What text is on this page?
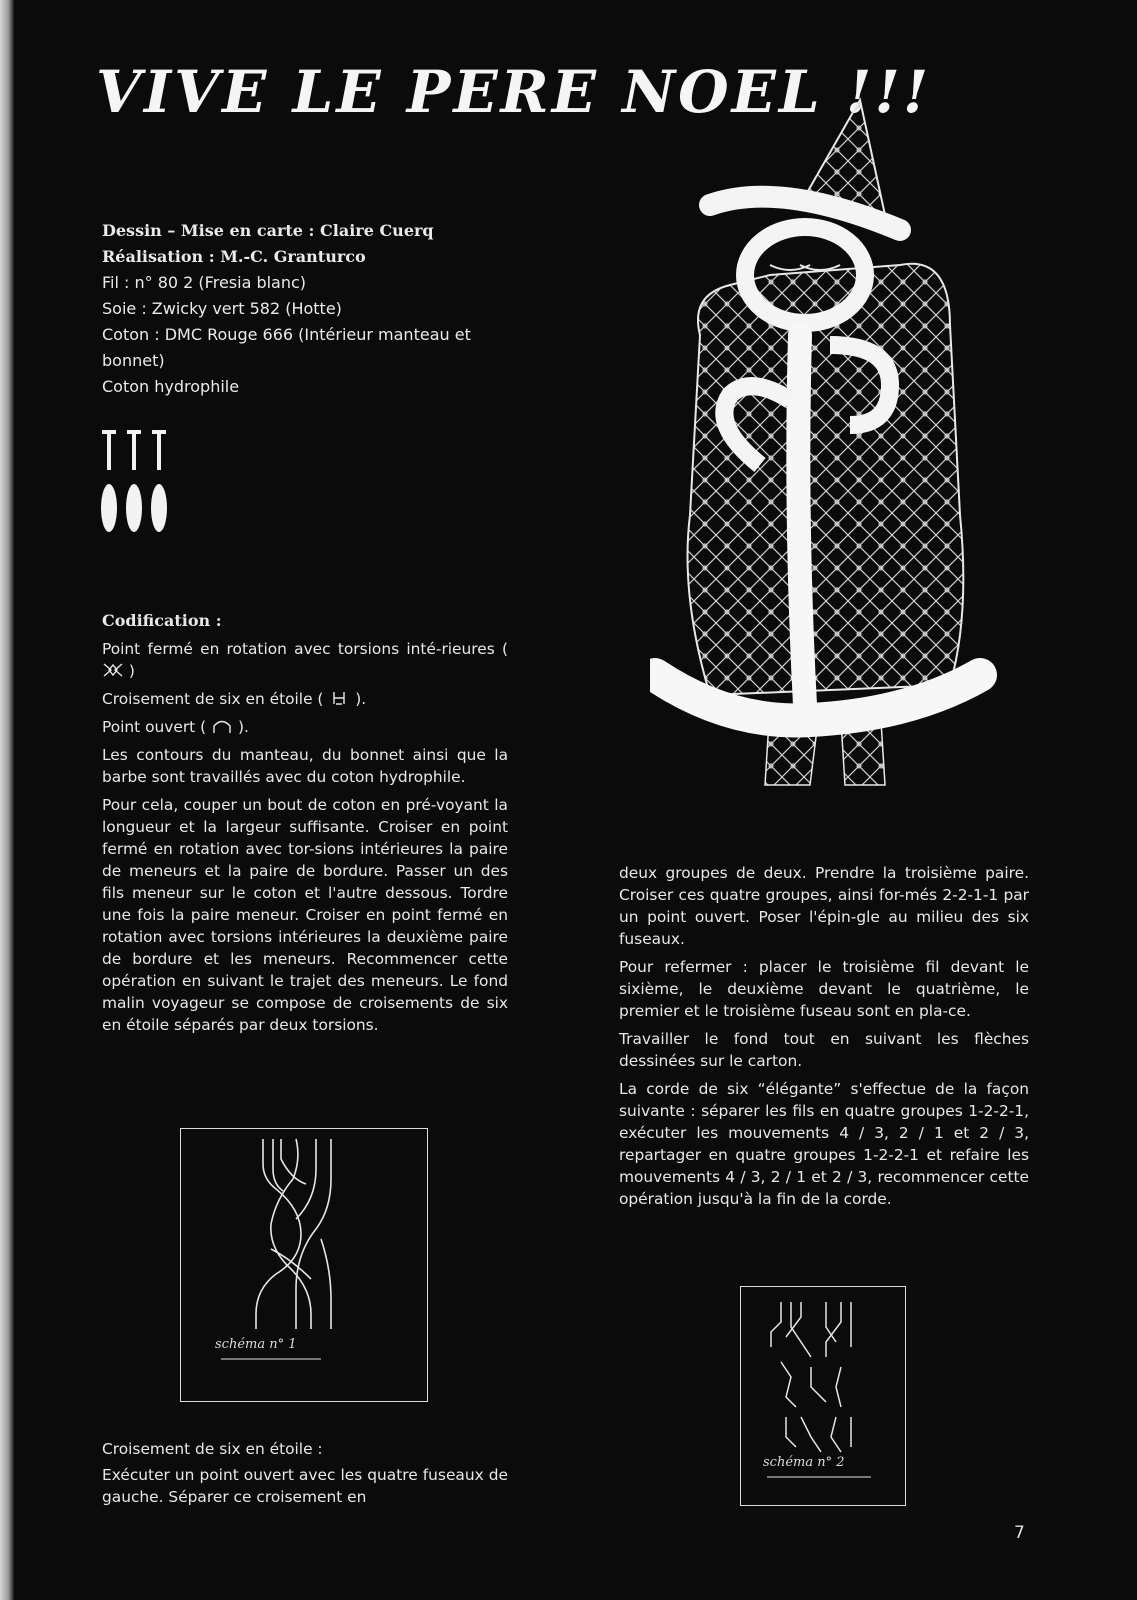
VIVE LE PERE NOEL !!!

Dessin – Mise en carte : Claire Cuerq

Réalisation : M.-C. Granturco

Fil : n° 80 2 (Fresia blanc)

Soie : Zwicky vert 582 (Hotte)

Coton : DMC Rouge 666 (Intérieur manteau et bonnet)

Coton hydrophile

Codification :

Point fermé en rotation avec torsions inté-rieures (  )

Croisement de six en étoile ( ).

Point ouvert ( ).

Les contours du manteau, du bonnet ainsi que la barbe sont travaillés avec du coton hydrophile.

Pour cela, couper un bout de coton en pré-voyant la longueur et la largeur suffisante. Croiser en point fermé en rotation avec tor-sions intérieures la paire de meneurs et la paire de bordure. Passer un des fils meneur sur le coton et l'autre dessous. Tordre une fois la paire meneur. Croiser en point fermé en rotation avec torsions intérieures la deuxième paire de bordure et les meneurs. Recommencer cette opération en suivant le trajet des meneurs. Le fond malin voyageur se compose de croisements de six en étoile séparés par deux torsions.

schéma n° 1

Croisement de six en étoile :

Exécuter un point ouvert avec les quatre fuseaux de gauche. Séparer ce croisement en

deux groupes de deux. Prendre la troisième paire. Croiser ces quatre groupes, ainsi for-més 2-2-1-1 par un point ouvert. Poser l'épin-gle au milieu des six fuseaux.

Pour refermer : placer le troisième fil devant le sixième, le deuxième devant le quatrième, le premier et le troisième fuseau sont en pla-ce.

Travailler le fond tout en suivant les flèches dessinées sur le carton.

La corde de six “élégante” s'effectue de la façon suivante : séparer les fils en quatre groupes 1-2-2-1, exécuter les mouvements 4 / 3, 2 / 1 et 2 / 3, repartager en quatre groupes 1-2-2-1 et refaire les mouvements 4 / 3, 2 / 1 et 2 / 3, recommencer cette opération jusqu'à la fin de la corde.

schéma n° 2
7
